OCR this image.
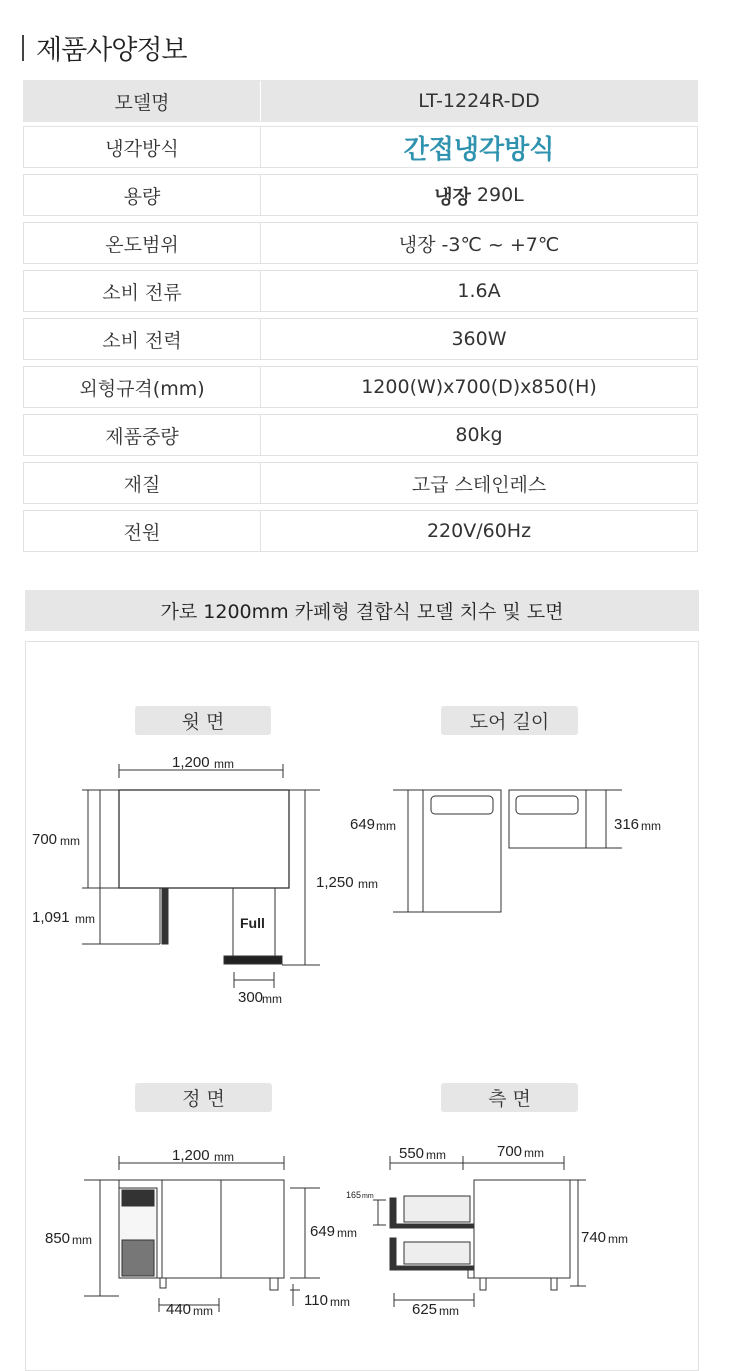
제품사양정보
모델명	LT-1224R-DD
냉각방식	간접냉각방식
용량	냉장 290L
온도범위	냉장 -3℃ ~ +7℃
소비 전류	1.6A
소비 전력	360W
외형규격(mm)	1200(W)x700(D)x850(H)
제품중량	80kg
재질	고급 스테인레스
전원	220V/60Hz
가로 1200mm 카페형 결합식 모델 치수 및 도면
윗 면	도어 길이
정 면	측 면
1,200 mm
700 mm
1,091 mm
1,250 mm
Full
300
mm
649 mm	316 mm
1,200 mm
850 mm	649 mm
440 mm
110 mm
550 mm	700 mm
165 mm
740 mm
625 mm
